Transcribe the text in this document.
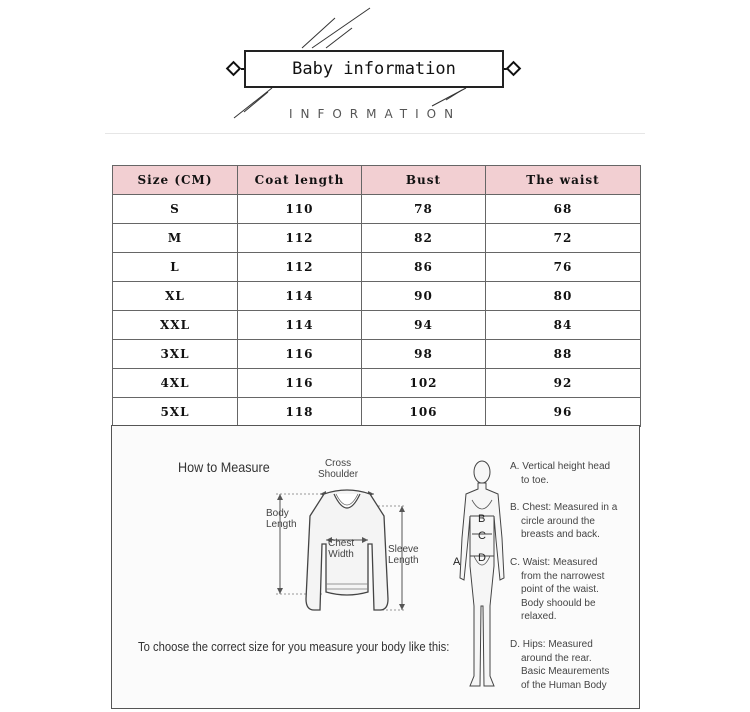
Baby information
INFORMATION
Size (CM)	Coat length	Bust	The waist
S	110	78	68
M	112	82	72
L	112	86	76
XL	114	90	80
XXL	114	94	84
3XL	116	98	88
4XL	116	102	92
5XL	118	106	96
How to Measure	Cross
Shoulder
Body
Length
Chest
Width	Sleeve
Length
To choose the correct size for you measure your body like this:
A
B
C
D
A. Vertical height head
to toe.
B. Chest: Measured in a
circle around the
breasts and back.
C. Waist: Measured
from the narrowest
point of the waist.
Body shoould be
relaxed.
D. Hips: Measured
around the rear.
Basic Meaurements
of the Human Body
